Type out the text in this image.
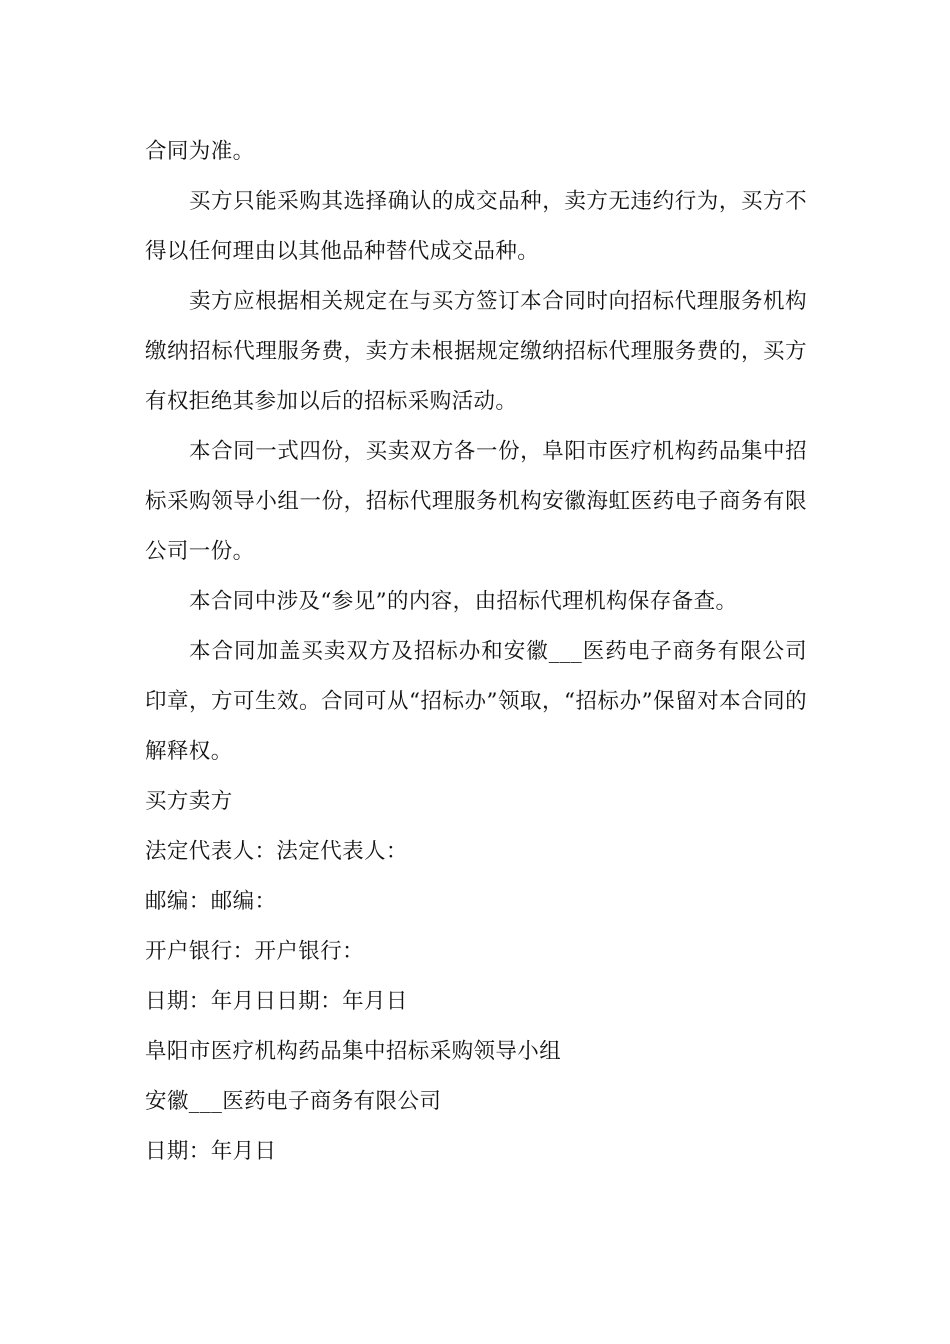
合同为准。

买方只能采购其选择确认的成交品种，卖方无违约行为，买方不得以任何理由以其他品种替代成交品种。

卖方应根据相关规定在与买方签订本合同时向招标代理服务机构缴纳招标代理服务费，卖方未根据规定缴纳招标代理服务费的，买方有权拒绝其参加以后的招标采购活动。

本合同一式四份，买卖双方各一份，阜阳市医疗机构药品集中招标采购领导小组一份，招标代理服务机构安徽海虹医药电子商务有限公司一份。

本合同中涉及“参见”的内容，由招标代理机构保存备查。

本合同加盖买卖双方及招标办和安徽___医药电子商务有限公司印章，方可生效。合同可从“招标办”领取，“招标办”保留对本合同的解释权。

买方卖方

法定代表人：法定代表人：

邮编：邮编：

开户银行：开户银行：

日期：年月日日期：年月日

阜阳市医疗机构药品集中招标采购领导小组

安徽___医药电子商务有限公司

日期：年月日
